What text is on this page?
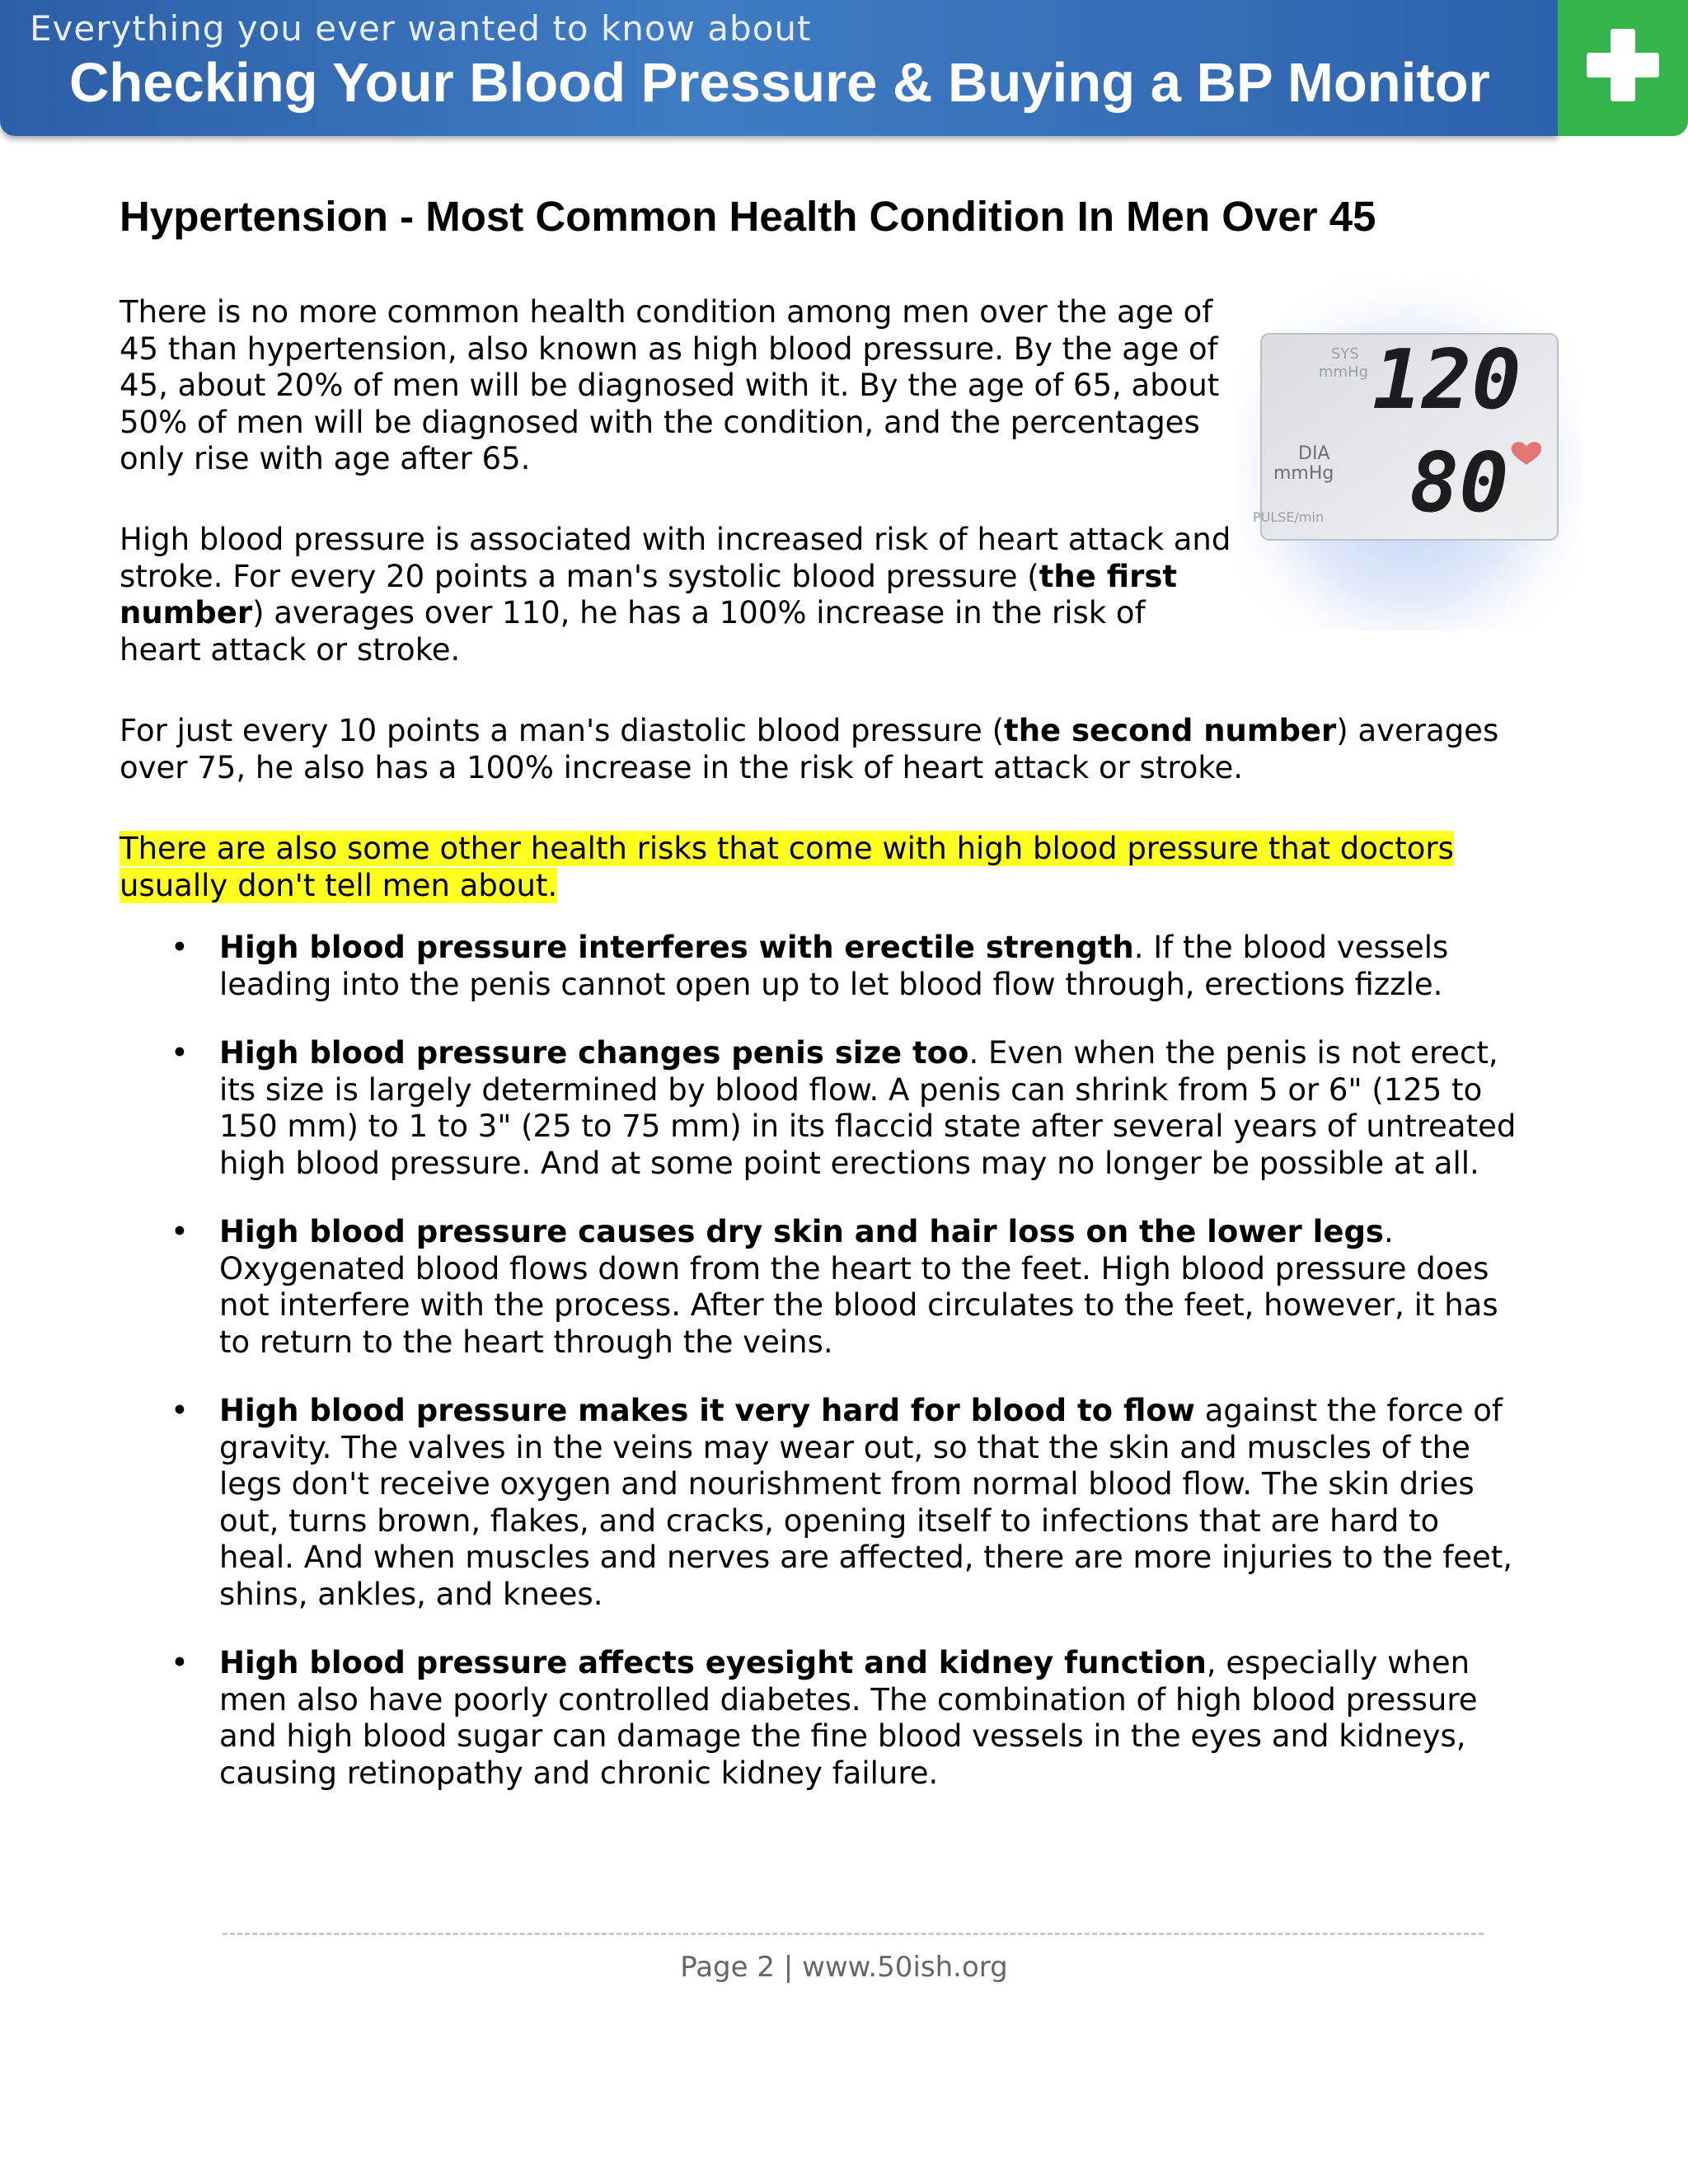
Everything you ever wanted to know about
Checking Your Blood Pressure & Buying a BP Monitor
Hypertension - Most Common Health Condition In Men Over 45

There is no more common health condition among men over the age of 45 than hypertension, also known as high blood pressure. By the age of 45, about 20% of men will be diagnosed with it. By the age of 65, about 50% of men will be diagnosed with the condition, and the percentages only rise with age after 65.

High blood pressure is associated with increased risk of heart attack and stroke. For every 20 points a man's systolic blood pressure (the first number) averages over 110, he has a 100% increase in the risk of heart attack or stroke.

For just every 10 points a man's diastolic blood pressure (the second number) averages over 75, he also has a 100% increase in the risk of heart attack or stroke.

There are also some other health risks that come with high blood pressure that doctors usually don't tell men about.

SYS
mmHg
DIA
mmHg
PULSE/min
120
80
• High blood pressure interferes with erectile strength. If the blood vessels leading into the penis cannot open up to let blood flow through, erections fizzle.
• High blood pressure changes penis size too. Even when the penis is not erect, its size is largely determined by blood flow. A penis can shrink from 5 or 6" (125 to 150 mm) to 1 to 3" (25 to 75 mm) in its flaccid state after several years of untreated high blood pressure. And at some point erections may no longer be possible at all.
• High blood pressure causes dry skin and hair loss on the lower legs. Oxygenated blood flows down from the heart to the feet. High blood pressure does not interfere with the process. After the blood circulates to the feet, however, it has to return to the heart through the veins.
• High blood pressure makes it very hard for blood to flow against the force of gravity. The valves in the veins may wear out, so that the skin and muscles of the legs don't receive oxygen and nourishment from normal blood flow. The skin dries out, turns brown, flakes, and cracks, opening itself to infections that are hard to heal. And when muscles and nerves are affected, there are more injuries to the feet, shins, ankles, and knees.
• High blood pressure affects eyesight and kidney function, especially when men also have poorly controlled diabetes. The combination of high blood pressure and high blood sugar can damage the fine blood vessels in the eyes and kidneys, causing retinopathy and chronic kidney failure.
Page 2 | www.50ish.org
